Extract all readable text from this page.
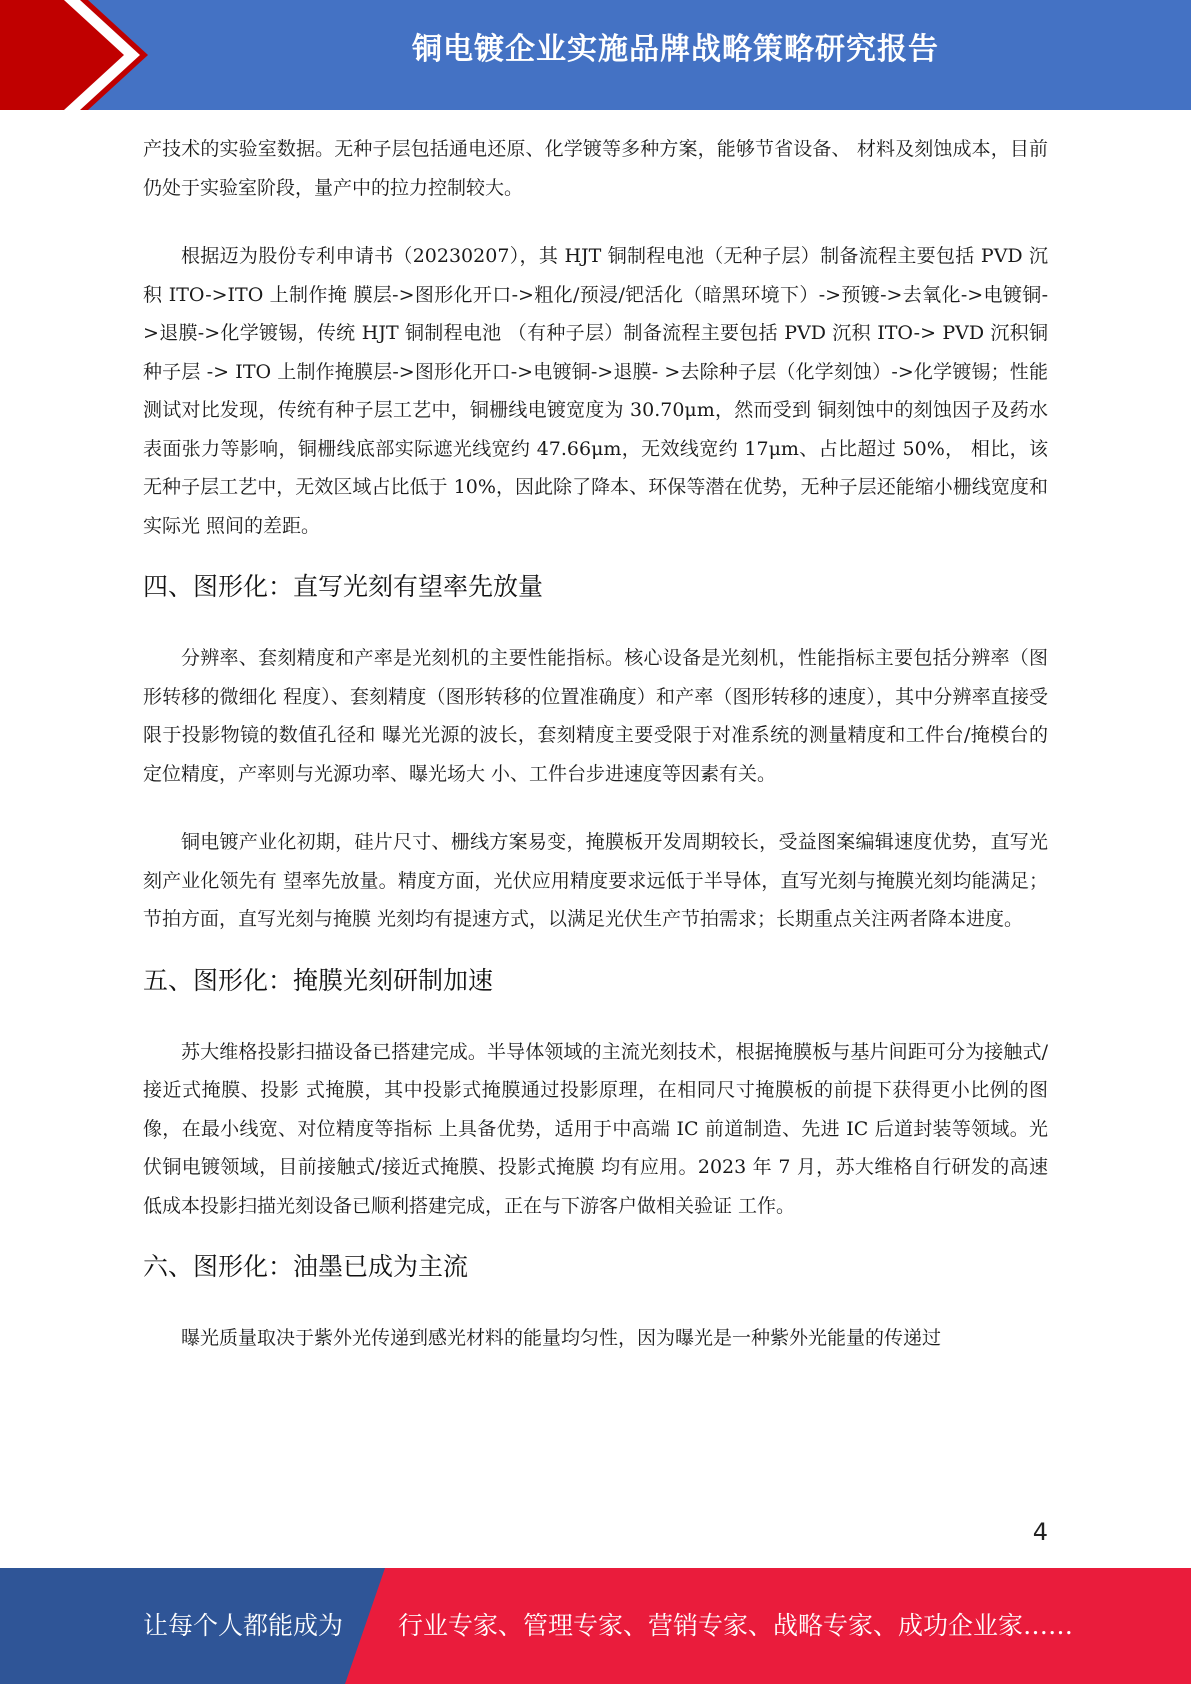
铜电镀企业实施品牌战略策略研究报告

产技术的实验室数据。无种子层包括通电还原、化学镀等多种方案，能够节省设备、 材料及刻蚀成本，目前仍处于实验室阶段，量产中的拉力控制较大。

根据迈为股份专利申请书（20230207），其 HJT 铜制程电池（无种子层）制备流程主要包括 PVD 沉积 ITO->ITO 上制作掩 膜层->图形化开口->粗化/预浸/钯活化（暗黑环境下）->预镀->去氧化->电镀铜->退膜->化学镀锡，传统 HJT 铜制程电池 （有种子层）制备流程主要包括 PVD 沉积 ITO-> PVD 沉积铜种子层 -> ITO 上制作掩膜层->图形化开口->电镀铜->退膜- >去除种子层（化学刻蚀）->化学镀锡；性能测试对比发现，传统有种子层工艺中，铜栅线电镀宽度为 30.70μm，然而受到 铜刻蚀中的刻蚀因子及药水表面张力等影响，铜栅线底部实际遮光线宽约 47.66μm，无效线宽约 17μm、占比超过 50%， 相比，该无种子层工艺中，无效区域占比低于 10%，因此除了降本、环保等潜在优势，无种子层还能缩小栅线宽度和实际光 照间的差距。

四、图形化：直写光刻有望率先放量

分辨率、套刻精度和产率是光刻机的主要性能指标。核心设备是光刻机，性能指标主要包括分辨率（图形转移的微细化 程度）、套刻精度（图形转移的位置准确度）和产率（图形转移的速度），其中分辨率直接受限于投影物镜的数值孔径和 曝光光源的波长，套刻精度主要受限于对准系统的测量精度和工件台/掩模台的定位精度，产率则与光源功率、曝光场大 小、工件台步进速度等因素有关。

铜电镀产业化初期，硅片尺寸、栅线方案易变，掩膜板开发周期较长，受益图案编辑速度优势，直写光刻产业化领先有 望率先放量。精度方面，光伏应用精度要求远低于半导体，直写光刻与掩膜光刻均能满足；节拍方面，直写光刻与掩膜 光刻均有提速方式，以满足光伏生产节拍需求；长期重点关注两者降本进度。

五、图形化：掩膜光刻研制加速

苏大维格投影扫描设备已搭建完成。半导体领域的主流光刻技术，根据掩膜板与基片间距可分为接触式/接近式掩膜、投影 式掩膜，其中投影式掩膜通过投影原理，在相同尺寸掩膜板的前提下获得更小比例的图像，在最小线宽、对位精度等指标 上具备优势，适用于中高端 IC 前道制造、先进 IC 后道封装等领域。光伏铜电镀领域，目前接触式/接近式掩膜、投影式掩膜 均有应用。2023 年 7 月，苏大维格自行研发的高速低成本投影扫描光刻设备已顺利搭建完成，正在与下游客户做相关验证 工作。

六、图形化：油墨已成为主流

曝光质量取决于紫外光传递到感光材料的能量均匀性，因为曝光是一种紫外光能量的传递过

4
让每个人都能成为 行业专家、管理专家、营销专家、战略专家、成功企业家……
